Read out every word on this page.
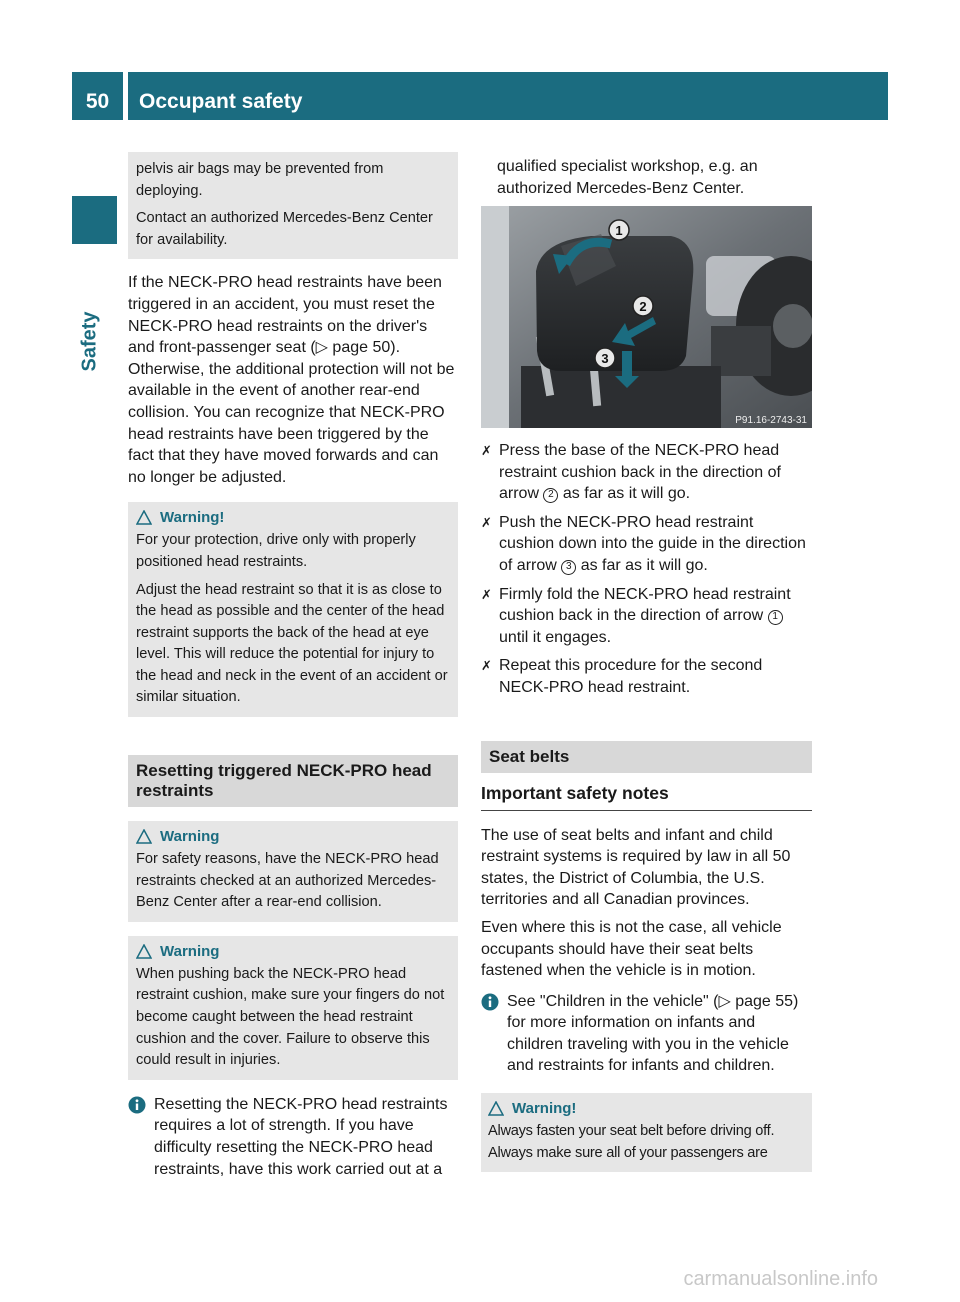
50	Occupant safety
Safety

pelvis air bags may be prevented from deploying.

Contact an authorized Mercedes-Benz Center for availability.

If the NECK-PRO head restraints have been triggered in an accident, you must reset the NECK-PRO head restraints on the driver's and front-passenger seat (▷ page 50). Otherwise, the additional protection will not be available in the event of another rear-end collision. You can recognize that NECK-PRO head restraints have been triggered by the fact that they have moved forwards and can no longer be adjusted.

Warning!

For your protection, drive only with properly positioned head restraints.

Adjust the head restraint so that it is as close to the head as possible and the center of the head restraint supports the back of the head at eye level. This will reduce the potential for injury to the head and neck in the event of an accident or similar situation.

Resetting triggered NECK-PRO head restraints
Warning

For safety reasons, have the NECK-PRO head restraints checked at an authorized Mercedes-Benz Center after a rear-end collision.

Warning

When pushing back the NECK-PRO head restraint cushion, make sure your fingers do not become caught between the head restraint cushion and the cover. Failure to observe this could result in injuries.

Resetting the NECK-PRO head restraints requires a lot of strength. If you have difficulty resetting the NECK-PRO head restraints, have this work carried out at a

qualified specialist workshop, e.g. an authorized Mercedes-Benz Center.

1
2
3
P91.16-2743-31
✗ Press the base of the NECK-PRO head restraint cushion back in the direction of arrow 2 as far as it will go.
✗ Push the NECK-PRO head restraint cushion down into the guide in the direction of arrow 3 as far as it will go.
✗ Firmly fold the NECK-PRO head restraint cushion back in the direction of arrow 1 until it engages.
✗ Repeat this procedure for the second NECK-PRO head restraint.
Seat belts
Important safety notes

The use of seat belts and infant and child restraint systems is required by law in all 50 states, the District of Columbia, the U.S. territories and all Canadian provinces.

Even where this is not the case, all vehicle occupants should have their seat belts fastened when the vehicle is in motion.

See "Children in the vehicle" (▷ page 55) for more information on infants and children traveling with you in the vehicle and restraints for infants and children.
Warning!

Always fasten your seat belt before driving off. Always make sure all of your passengers are

carmanualsonline.info
